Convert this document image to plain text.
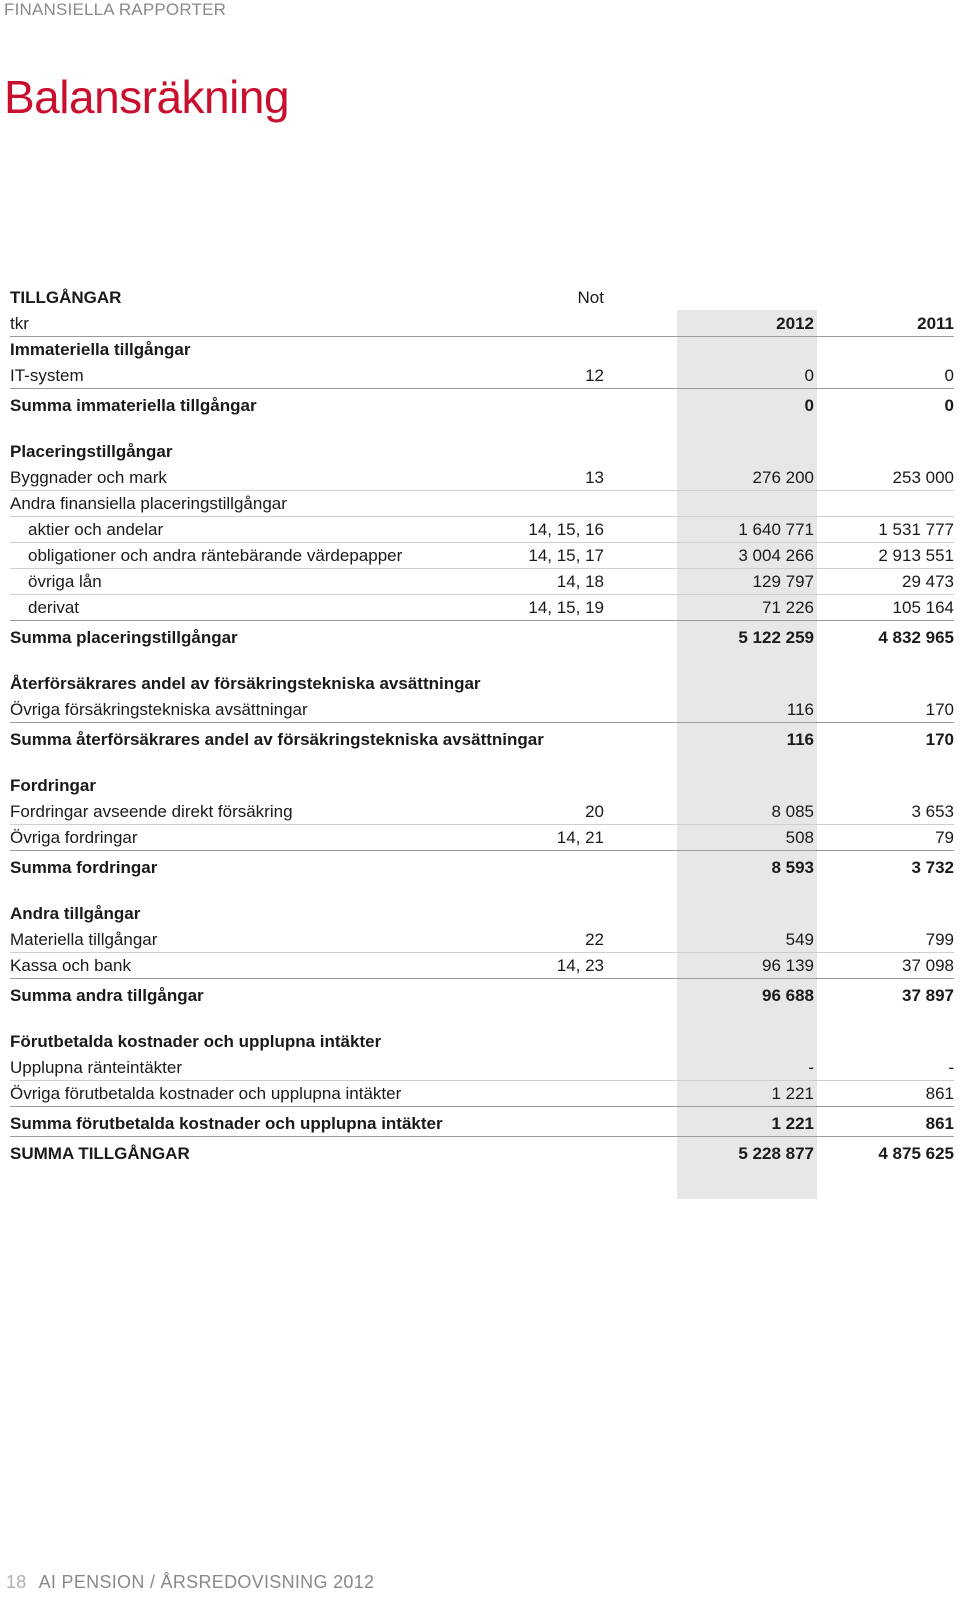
FINANSIELLA RAPPORTER
Balansräkning
TILLGÅNGAR	Not
tkr	2012	2011
Immateriella tillgångar
IT-system	12	0	0
Summa immateriella tillgångar	0	0
Placeringstillgångar
Byggnader och mark	13	276 200	253 000
Andra finansiella placeringstillgångar
aktier och andelar	14, 15, 16	1 640 771	1 531 777
obligationer och andra räntebärande värdepapper	14, 15, 17	3 004 266	2 913 551
övriga lån	14, 18	129 797	29 473
derivat	14, 15, 19	71 226	105 164
Summa placeringstillgångar	5 122 259	4 832 965
Återförsäkrares andel av försäkringstekniska avsättningar
Övriga försäkringstekniska avsättningar	116	170
Summa återförsäkrares andel av försäkringstekniska avsättningar	116	170
Fordringar
Fordringar avseende direkt försäkring	20	8 085	3 653
Övriga fordringar	14, 21	508	79
Summa fordringar	8 593	3 732
Andra tillgångar
Materiella tillgångar	22	549	799
Kassa och bank	14, 23	96 139	37 098
Summa andra tillgångar	96 688	37 897
Förutbetalda kostnader och upplupna intäkter
Upplupna ränteintäkter	-	-
Övriga förutbetalda kostnader och upplupna intäkter	1 221	861
Summa förutbetalda kostnader och upplupna intäkter	1 221	861
SUMMA TILLGÅNGAR	5 228 877	4 875 625
18 AI PENSION / ÅRSREDOVISNING 2012
